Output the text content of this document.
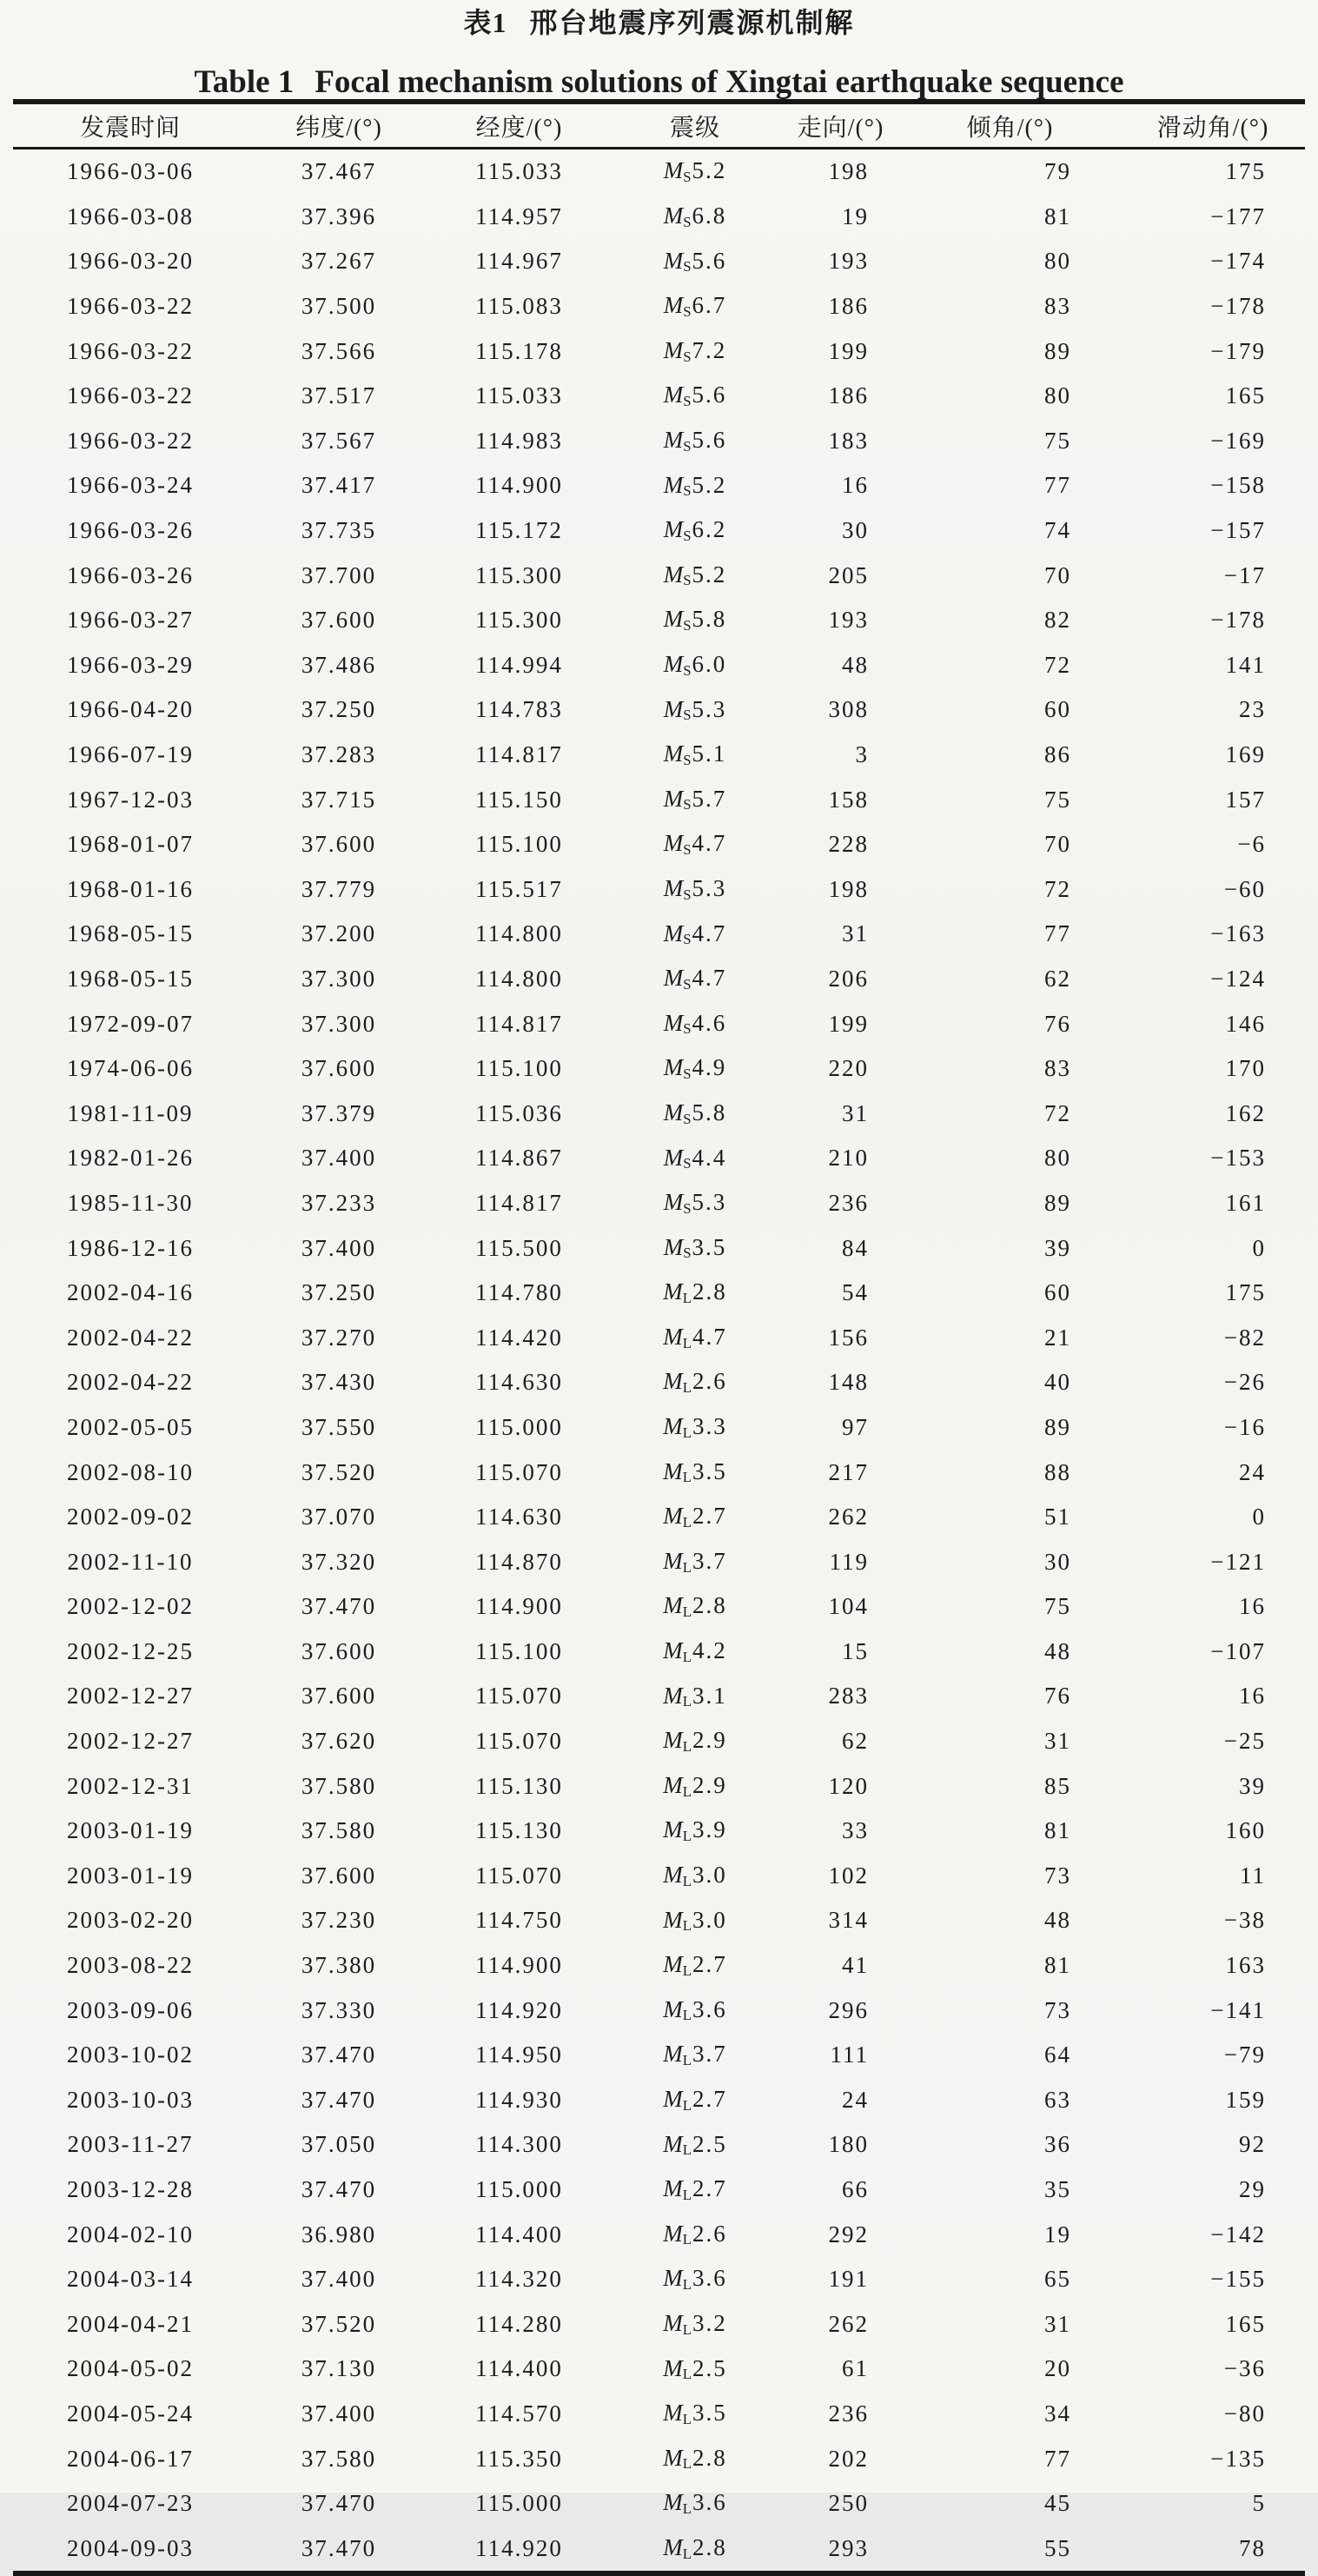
表1 邢台地震序列震源机制解
Table 1 Focal mechanism solutions of Xingtai earthquake sequence
发震时间	纬度/(°)	经度/(°)	震级	走向/(°)	倾角/(°)	滑动角/(°)
1966-03-06	37.467	115.033	MS5.2	198	79	175
1966-03-08	37.396	114.957	MS6.8	19	81	−177
1966-03-20	37.267	114.967	MS5.6	193	80	−174
1966-03-22	37.500	115.083	MS6.7	186	83	−178
1966-03-22	37.566	115.178	MS7.2	199	89	−179
1966-03-22	37.517	115.033	MS5.6	186	80	165
1966-03-22	37.567	114.983	MS5.6	183	75	−169
1966-03-24	37.417	114.900	MS5.2	16	77	−158
1966-03-26	37.735	115.172	MS6.2	30	74	−157
1966-03-26	37.700	115.300	MS5.2	205	70	−17
1966-03-27	37.600	115.300	MS5.8	193	82	−178
1966-03-29	37.486	114.994	MS6.0	48	72	141
1966-04-20	37.250	114.783	MS5.3	308	60	23
1966-07-19	37.283	114.817	MS5.1	3	86	169
1967-12-03	37.715	115.150	MS5.7	158	75	157
1968-01-07	37.600	115.100	MS4.7	228	70	−6
1968-01-16	37.779	115.517	MS5.3	198	72	−60
1968-05-15	37.200	114.800	MS4.7	31	77	−163
1968-05-15	37.300	114.800	MS4.7	206	62	−124
1972-09-07	37.300	114.817	MS4.6	199	76	146
1974-06-06	37.600	115.100	MS4.9	220	83	170
1981-11-09	37.379	115.036	MS5.8	31	72	162
1982-01-26	37.400	114.867	MS4.4	210	80	−153
1985-11-30	37.233	114.817	MS5.3	236	89	161
1986-12-16	37.400	115.500	MS3.5	84	39	0
2002-04-16	37.250	114.780	ML2.8	54	60	175
2002-04-22	37.270	114.420	ML4.7	156	21	−82
2002-04-22	37.430	114.630	ML2.6	148	40	−26
2002-05-05	37.550	115.000	ML3.3	97	89	−16
2002-08-10	37.520	115.070	ML3.5	217	88	24
2002-09-02	37.070	114.630	ML2.7	262	51	0
2002-11-10	37.320	114.870	ML3.7	119	30	−121
2002-12-02	37.470	114.900	ML2.8	104	75	16
2002-12-25	37.600	115.100	ML4.2	15	48	−107
2002-12-27	37.600	115.070	ML3.1	283	76	16
2002-12-27	37.620	115.070	ML2.9	62	31	−25
2002-12-31	37.580	115.130	ML2.9	120	85	39
2003-01-19	37.580	115.130	ML3.9	33	81	160
2003-01-19	37.600	115.070	ML3.0	102	73	11
2003-02-20	37.230	114.750	ML3.0	314	48	−38
2003-08-22	37.380	114.900	ML2.7	41	81	163
2003-09-06	37.330	114.920	ML3.6	296	73	−141
2003-10-02	37.470	114.950	ML3.7	111	64	−79
2003-10-03	37.470	114.930	ML2.7	24	63	159
2003-11-27	37.050	114.300	ML2.5	180	36	92
2003-12-28	37.470	115.000	ML2.7	66	35	29
2004-02-10	36.980	114.400	ML2.6	292	19	−142
2004-03-14	37.400	114.320	ML3.6	191	65	−155
2004-04-21	37.520	114.280	ML3.2	262	31	165
2004-05-02	37.130	114.400	ML2.5	61	20	−36
2004-05-24	37.400	114.570	ML3.5	236	34	−80
2004-06-17	37.580	115.350	ML2.8	202	77	−135
2004-07-23	37.470	115.000	ML3.6	250	45	5
2004-09-03	37.470	114.920	ML2.8	293	55	78
